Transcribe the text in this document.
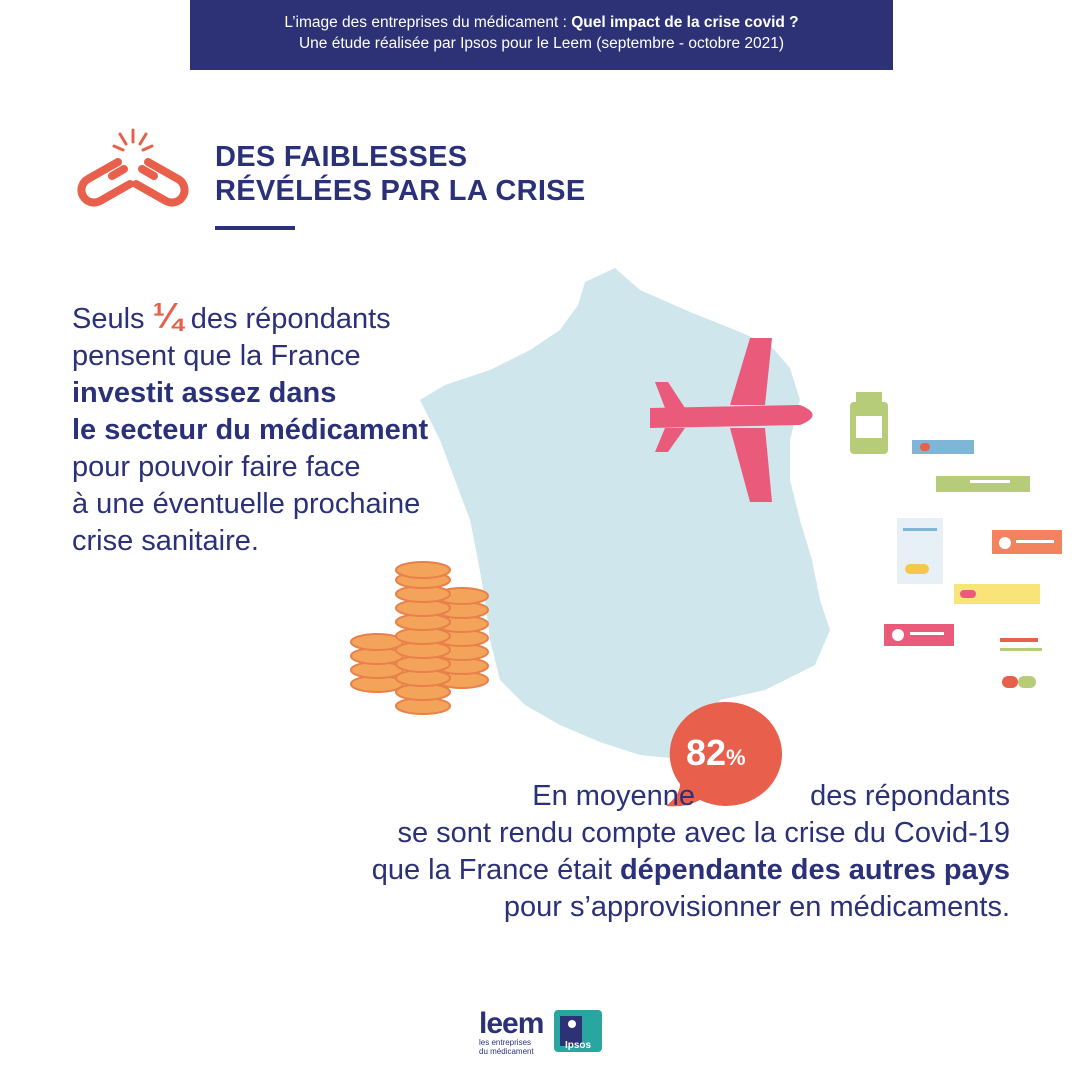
L’image des entreprises du médicament : Quel impact de la crise covid ?
Une étude réalisée par Ipsos pour le Leem (septembre - octobre 2021)
DES FAIBLESSES
RÉVÉLÉES PAR LA CRISE
Seuls ¼ des répondants
pensent que la France
investit assez dans
le secteur du médicament
pour pouvoir faire face
à une éventuelle prochaine
crise sanitaire.
82%
En moyenne	des répondants
se sont rendu compte avec la crise du Covid-19
que la France était dépendante des autres pays
pour s’approvisionner en médicaments.
leem
les entreprises
du médicament
Ipsos
